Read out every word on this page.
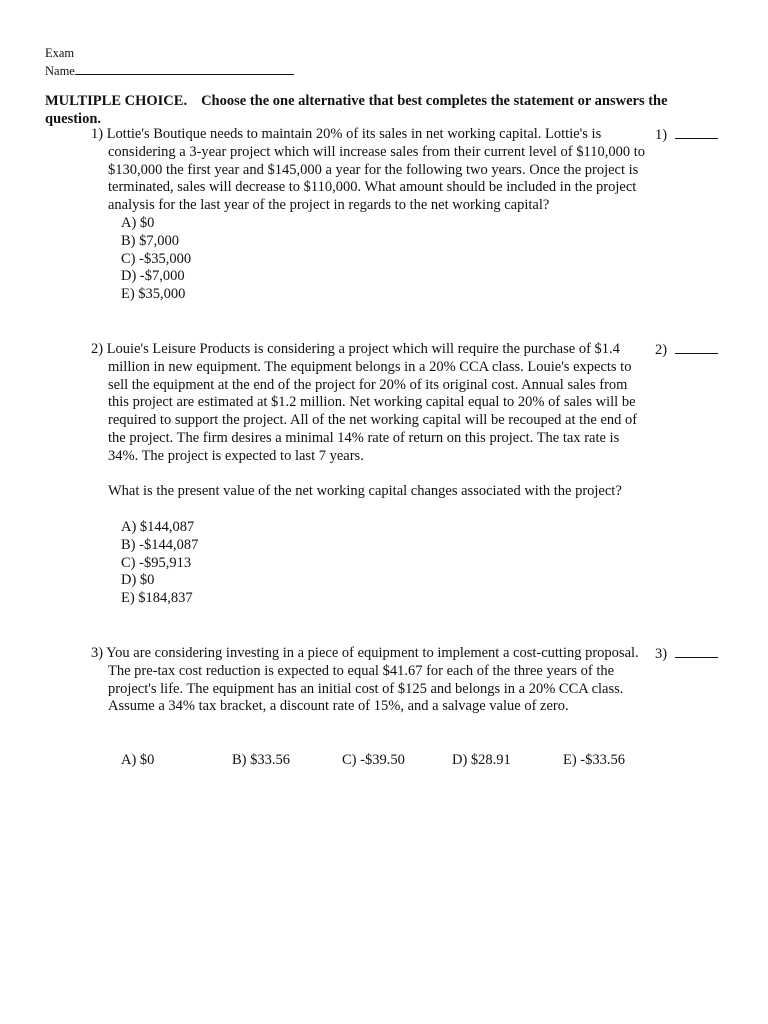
Exam
Name
MULTIPLE CHOICE. Choose the one alternative that best completes the statement or answers the question.

1) Lottie's Boutique needs to maintain 20% of its sales in net working capital. Lottie's is considering a 3-year project which will increase sales from their current level of $110,000 to $130,000 the first year and $145,000 a year for the following two years. Once the project is terminated, sales will decrease to $110,000. What amount should be included in the project analysis for the last year of the project in regards to the net working capital?

A) $0
B) $7,000
C) -$35,000
D) -$7,000
E) $35,000
1)

2) Louie's Leisure Products is considering a project which will require the purchase of $1.4 million in new equipment. The equipment belongs in a 20% CCA class. Louie's expects to sell the equipment at the end of the project for 20% of its original cost. Annual sales from this project are estimated at $1.2 million. Net working capital equal to 20% of sales will be required to support the project. All of the net working capital will be recouped at the end of the project. The firm desires a minimal 14% rate of return on this project. The tax rate is 34%. The project is expected to last 7 years.

What is the present value of the net working capital changes associated with the project?

A) $144,087
B) -$144,087
C) -$95,913
D) $0
E) $184,837
2)

3) You are considering investing in a piece of equipment to implement a cost-cutting proposal. The pre-tax cost reduction is expected to equal $41.67 for each of the three years of the project's life. The equipment has an initial cost of $125 and belongs in a 20% CCA class. Assume a 34% tax bracket, a discount rate of 15%, and a salvage value of zero.

A) $0	B) $33.56	C) -$39.50	D) $28.91	E) -$33.56
3)
